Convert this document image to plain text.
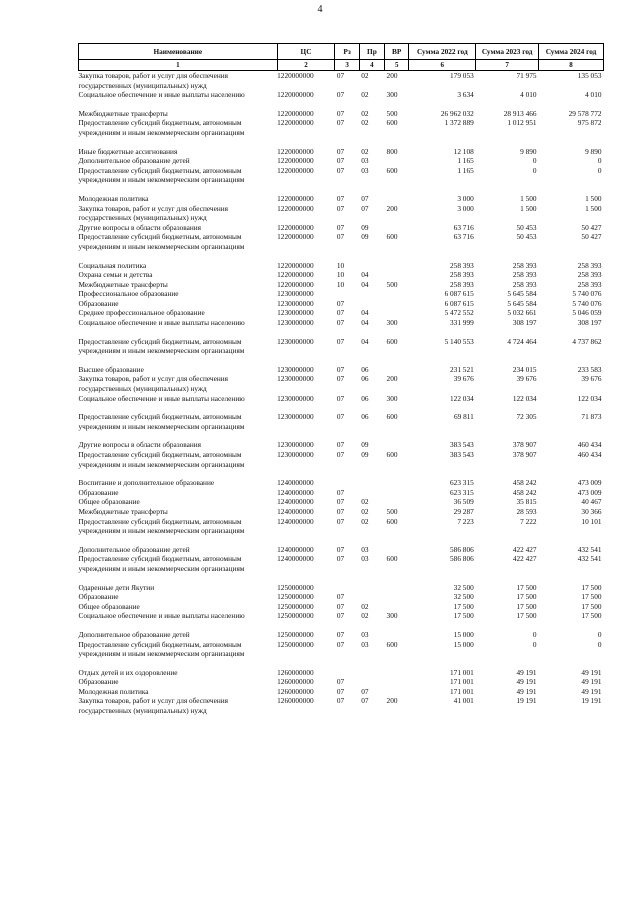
4
Наименование	ЦС	Рз	Пр	ВР	Сумма 2022 год	Сумма 2023 год	Сумма 2024 год
1	2	3	4	5	6	7	8
Закупка товаров, работ и услуг для обеспечения государственных (муниципальных) нужд	1220000000	07	02	200	179 053	71 975	135 053
Социальное обеспечение и иные выплаты населению	1220000000	07	02	300	3 634	4 010	4 010

Межбюджетные трансферты	1220000000	07	02	500	26 962 032	28 913 466	29 578 772
Предоставление субсидий бюджетным, автономным учреждениям и иным некоммерческим организациям	1220000000	07	02	600	1 372 889	1 012 951	975 872

Иные бюджетные ассигнования	1220000000	07	02	800	12 108	9 890	9 890
Дополнительное образование детей	1220000000	07	03		1 165	0	0
Предоставление субсидий бюджетным, автономным учреждениям и иным некоммерческим организациям	1220000000	07	03	600	1 165	0	0

Молодежная политика	1220000000	07	07		3 000	1 500	1 500
Закупка товаров, работ и услуг для обеспечения государственных (муниципальных) нужд	1220000000	07	07	200	3 000	1 500	1 500
Другие вопросы в области образования	1220000000	07	09		63 716	50 453	50 427
Предоставление субсидий бюджетным, автономным учреждениям и иным некоммерческим организациям	1220000000	07	09	600	63 716	50 453	50 427

Социальная политика	1220000000	10			258 393	258 393	258 393
Охрана семьи и детства	1220000000	10	04		258 393	258 393	258 393
Межбюджетные трансферты	1220000000	10	04	500	258 393	258 393	258 393
Профессиональное образование	1230000000				6 087 615	5 645 584	5 740 076
Образование	1230000000	07			6 087 615	5 645 584	5 740 076
Среднее профессиональное образование	1230000000	07	04		5 472 552	5 032 661	5 046 059
Социальное обеспечение и иные выплаты населению	1230000000	07	04	300	331 999	308 197	308 197

Предоставление субсидий бюджетным, автономным учреждениям и иным некоммерческим организациям	1230000000	07	04	600	5 140 553	4 724 464	4 737 862

Высшее образование	1230000000	07	06		231 521	234 015	233 583
Закупка товаров, работ и услуг для обеспечения государственных (муниципальных) нужд	1230000000	07	06	200	39 676	39 676	39 676
Социальное обеспечение и иные выплаты населению	1230000000	07	06	300	122 034	122 034	122 034

Предоставление субсидий бюджетным, автономным учреждениям и иным некоммерческим организациям	1230000000	07	06	600	69 811	72 305	71 873

Другие вопросы в области образования	1230000000	07	09		383 543	378 907	460 434
Предоставление субсидий бюджетным, автономным учреждениям и иным некоммерческим организациям	1230000000	07	09	600	383 543	378 907	460 434

Воспитание и дополнительное образование	1240000000				623 315	458 242	473 009
Образование	1240000000	07			623 315	458 242	473 009
Общее образование	1240000000	07	02		36 509	35 815	40 467
Межбюджетные трансферты	1240000000	07	02	500	29 287	28 593	30 366
Предоставление субсидий бюджетным, автономным учреждениям и иным некоммерческим организациям	1240000000	07	02	600	7 223	7 222	10 101

Дополнительное образование детей	1240000000	07	03		586 806	422 427	432 541
Предоставление субсидий бюджетным, автономным учреждениям и иным некоммерческим организациям	1240000000	07	03	600	586 806	422 427	432 541

Одаренные дети Якутии	1250000000				32 500	17 500	17 500
Образование	1250000000	07			32 500	17 500	17 500
Общее образование	1250000000	07	02		17 500	17 500	17 500
Социальное обеспечение и иные выплаты населению	1250000000	07	02	300	17 500	17 500	17 500

Дополнительное образование детей	1250000000	07	03		15 000	0	0
Предоставление субсидий бюджетным, автономным учреждениям и иным некоммерческим организациям	1250000000	07	03	600	15 000	0	0

Отдых детей и их оздоровление	1260000000				171 001	49 191	49 191
Образование	1260000000	07			171 001	49 191	49 191
Молодежная политика	1260000000	07	07		171 001	49 191	49 191
Закупка товаров, работ и услуг для обеспечения государственных (муниципальных) нужд	1260000000	07	07	200	41 001	19 191	19 191
